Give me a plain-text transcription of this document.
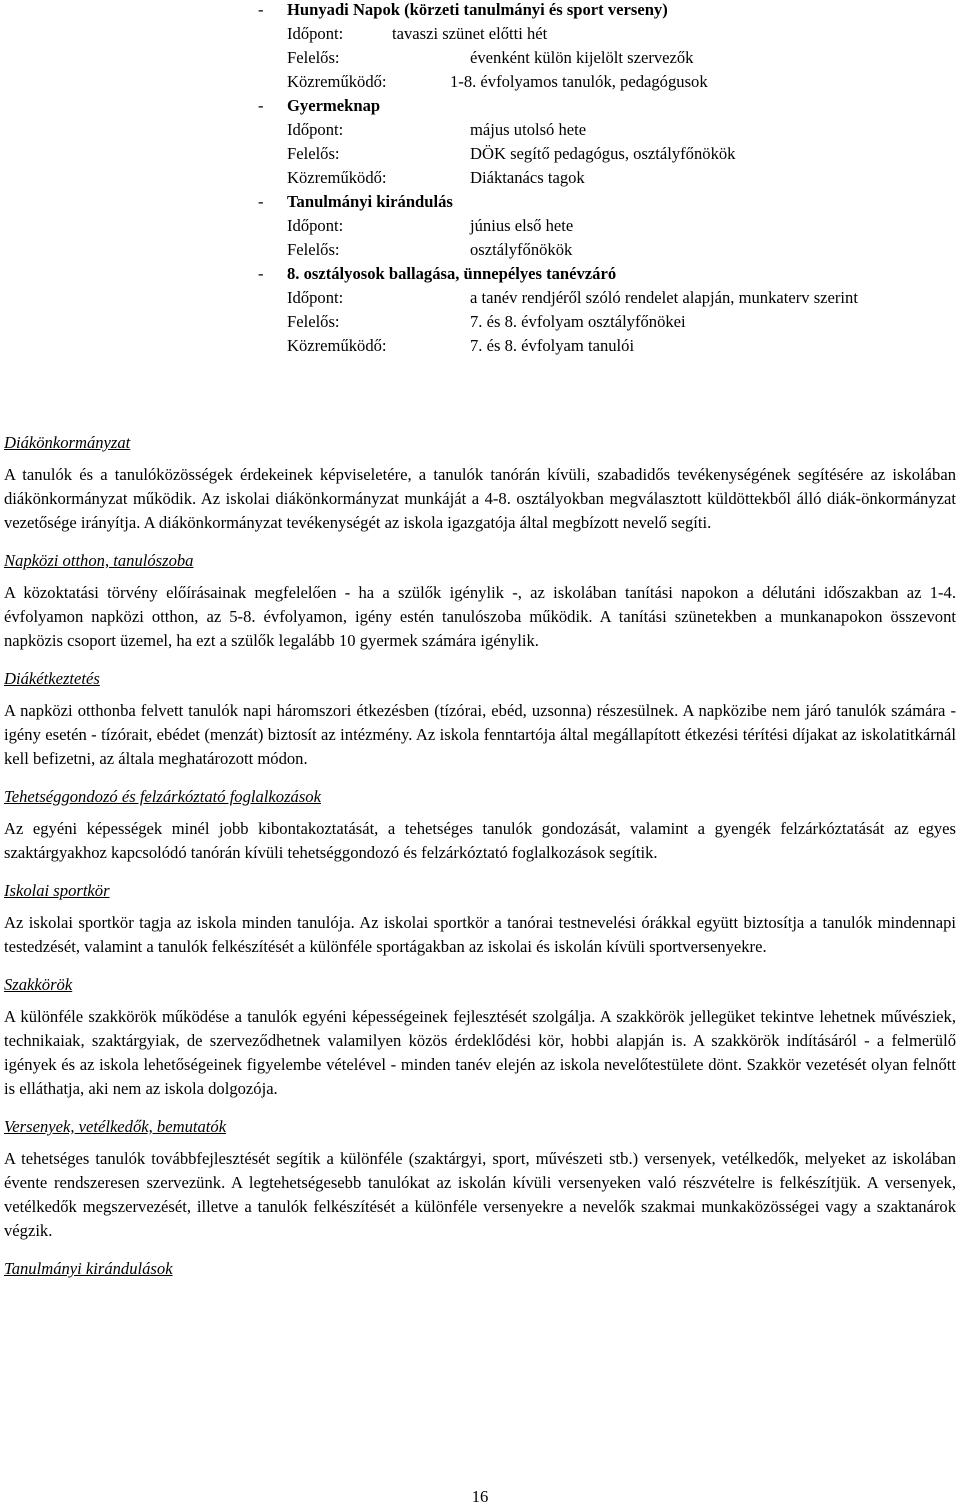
-	Hunyadi Napok (körzeti tanulmányi és sport verseny)
Időpont:	tavaszi szünet előtti hét
Felelős:	évenként külön kijelölt szervezők
Közreműködő:	1-8. évfolyamos tanulók, pedagógusok
-	Gyermeknap
Időpont:	május utolsó hete
Felelős:	DÖK segítő pedagógus, osztályfőnökök
Közreműködő:	Diáktanács tagok
-	Tanulmányi kirándulás
Időpont:	június első hete
Felelős:	osztályfőnökök
-	8. osztályosok ballagása, ünnepélyes tanévzáró
Időpont:	a tanév rendjéről szóló rendelet alapján, munkaterv szerint
Felelős:	7. és 8. évfolyam osztályfőnökei
Közreműködő:	7. és 8. évfolyam tanulói
Diákönkormányzat

A tanulók és a tanulóközösségek érdekeinek képviseletére, a tanulók tanórán kívüli, szabadidős tevékenységének segítésére az iskolában diákönkormányzat működik. Az iskolai diákönkormányzat munkáját a 4-8. osztályokban megválasztott küldöttekből álló diák-önkormányzat vezetősége irányítja. A diákönkormányzat tevékenységét az iskola igazgatója által megbízott nevelő segíti.

Napközi otthon, tanulószoba

A közoktatási törvény előírásainak megfelelően - ha a szülők igénylik -, az iskolában tanítási napokon a délutáni időszakban az 1-4. évfolyamon napközi otthon, az 5-8. évfolyamon, igény estén tanulószoba működik. A tanítási szünetekben a munkanapokon összevont napközis csoport üzemel, ha ezt a szülők legalább 10 gyermek számára igénylik.

Diákétkeztetés

A napközi otthonba felvett tanulók napi háromszori étkezésben (tízórai, ebéd, uzsonna) részesülnek. A napközibe nem járó tanulók számára - igény esetén - tízórait, ebédet (menzát) biztosít az intézmény. Az iskola fenntartója által megállapított étkezési térítési díjakat az iskolatitkárnál kell befizetni, az általa meghatározott módon.

Tehetséggondozó és felzárkóztató foglalkozások

Az egyéni képességek minél jobb kibontakoztatását, a tehetséges tanulók gondozását, valamint a gyengék felzárkóztatását az egyes szaktárgyakhoz kapcsolódó tanórán kívüli tehetséggondozó és felzárkóztató foglalkozások segítik.

Iskolai sportkör

Az iskolai sportkör tagja az iskola minden tanulója. Az iskolai sportkör a tanórai testnevelési órákkal együtt biztosítja a tanulók mindennapi testedzését, valamint a tanulók felkészítését a különféle sportágakban az iskolai és iskolán kívüli sportversenyekre.

Szakkörök

A különféle szakkörök működése a tanulók egyéni képességeinek fejlesztését szolgálja. A szakkörök jellegüket tekintve lehetnek művésziek, technikaiak, szaktárgyiak, de szerveződhetnek valamilyen közös érdeklődési kör, hobbi alapján is. A szakkörök indításáról - a felmerülő igények és az iskola lehetőségeinek figyelembe vételével - minden tanév elején az iskola nevelőtestülete dönt. Szakkör vezetését olyan felnőtt is elláthatja, aki nem az iskola dolgozója.

Versenyek, vetélkedők, bemutatók

A tehetséges tanulók továbbfejlesztését segítik a különféle (szaktárgyi, sport, művészeti stb.) versenyek, vetélkedők, melyeket az iskolában évente rendszeresen szervezünk. A legtehetségesebb tanulókat az iskolán kívüli versenyeken való részvételre is felkészítjük. A versenyek, vetélkedők megszervezését, illetve a tanulók felkészítését a különféle versenyekre a nevelők szakmai munkaközösségei vagy a szaktanárok végzik.

Tanulmányi kirándulások
16
